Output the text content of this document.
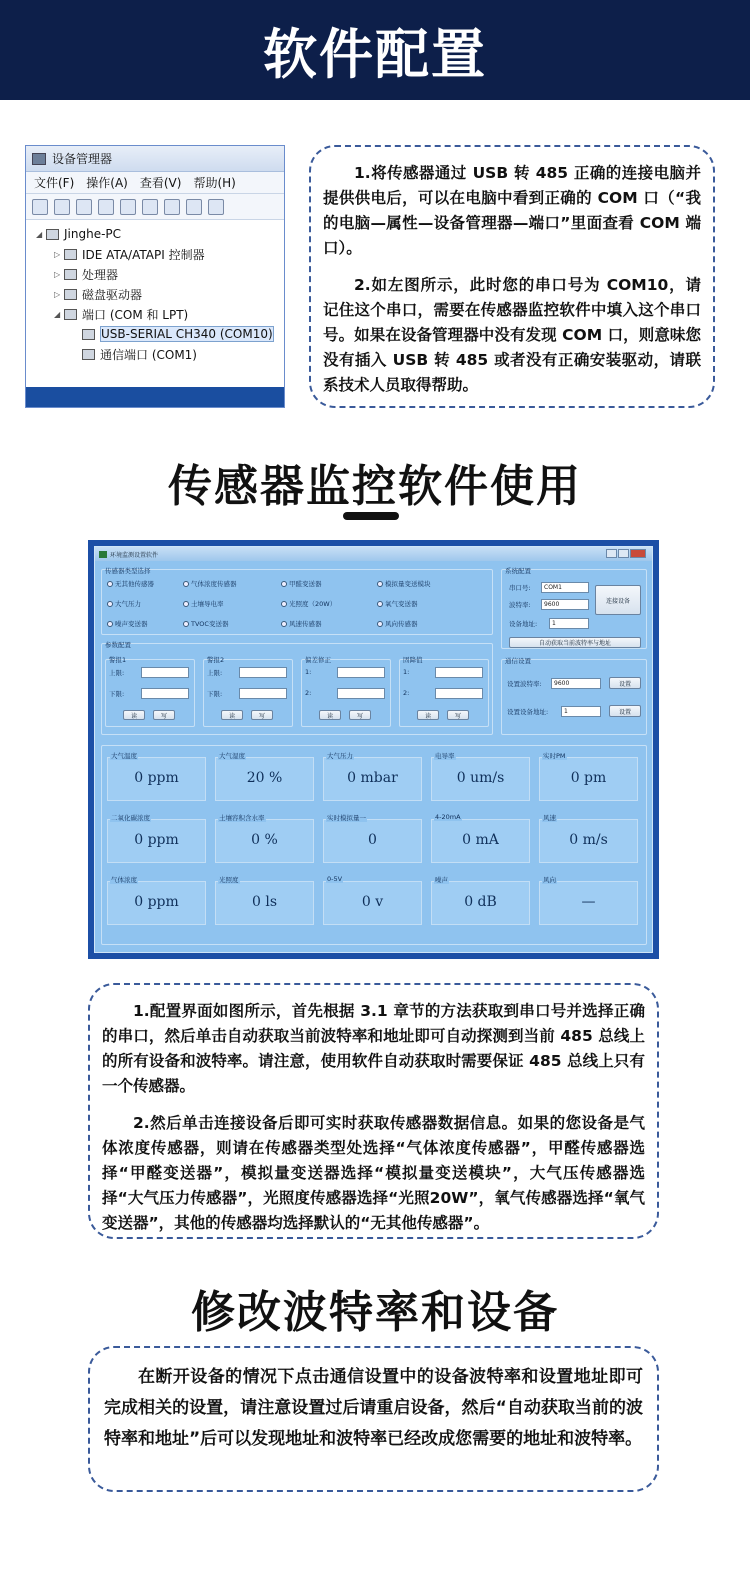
软件配置
设备管理器
文件(F) 操作(A) 查看(V) 帮助(H)
◢	Jinghe-PC
▷	IDE ATA/ATAPI 控制器
▷	处理器
▷	磁盘驱动器
◢	端口 (COM 和 LPT)
USB-SERIAL CH340 (COM10)
通信端口 (COM1)

1.将传感器通过 USB 转 485 正确的连接电脑并提供供电后，可以在电脑中看到正确的 COM 口（“我的电脑—属性—设备管理器—端口”里面查看 COM 端口）。

2.如左图所示，此时您的串口号为 COM10，请记住这个串口，需要在传感器监控软件中填入这个串口号。如果在设备管理器中没有发现 COM 口，则意味您没有插入 USB 转 485 或者没有正确安装驱动，请联系技术人员取得帮助。

传感器监控软件使用
环境监测设置软件
传感器类型选择
无其他传感器	气体浓度传感器	甲醛变送器	模拟量变送模块
大气压力	土壤导电率	光照度（20W）	氧气变送器
噪声变送器	TVOC变送器	风速传感器	风向传感器
系统配置
串口号:	COM1
波特率:	9600
设备地址:	1
连接设备
自动获取当前波特率与地址
参数配置
警报1
上限:
下限:
读	写
警报2
上限:
下限:
读	写
偏差修正
1:
2:
读	写
固降值
1:
2:
读	写
通信设置
设置波特率:	9600	设置
设置设备地址:	1	设置
大气温度
0 ppm
大气湿度
20 %
大气压力
0 mbar
电导率
0 um/s
实时PM
0 pm
二氧化碳浓度
0 ppm
土壤容积含水率
0 %
实时模拟量一
0
4-20mA
0 mA
风速
0 m/s
气体浓度
0 ppm
光照度
0 ls
0-5V
0 v
噪声
0 dB
风向
—

1.配置界面如图所示，首先根据 3.1 章节的方法获取到串口号并选择正确的串口，然后单击自动获取当前波特率和地址即可自动探测到当前 485 总线上的所有设备和波特率。请注意，使用软件自动获取时需要保证 485 总线上只有一个传感器。

2.然后单击连接设备后即可实时获取传感器数据信息。如果的您设备是气体浓度传感器，则请在传感器类型处选择“气体浓度传感器”，甲醛传感器选择“甲醛变送器”，模拟量变送器选择“模拟量变送模块”，大气压传感器选择“大气压力传感器”，光照度传感器选择“光照20W”，氧气传感器选择“氧气变送器”，其他的传感器均选择默认的“无其他传感器”。

修改波特率和设备

在断开设备的情况下点击通信设置中的设备波特率和设置地址即可完成相关的设置，请注意设置过后请重启设备，然后“自动获取当前的波特率和地址”后可以发现地址和波特率已经改成您需要的地址和波特率。
